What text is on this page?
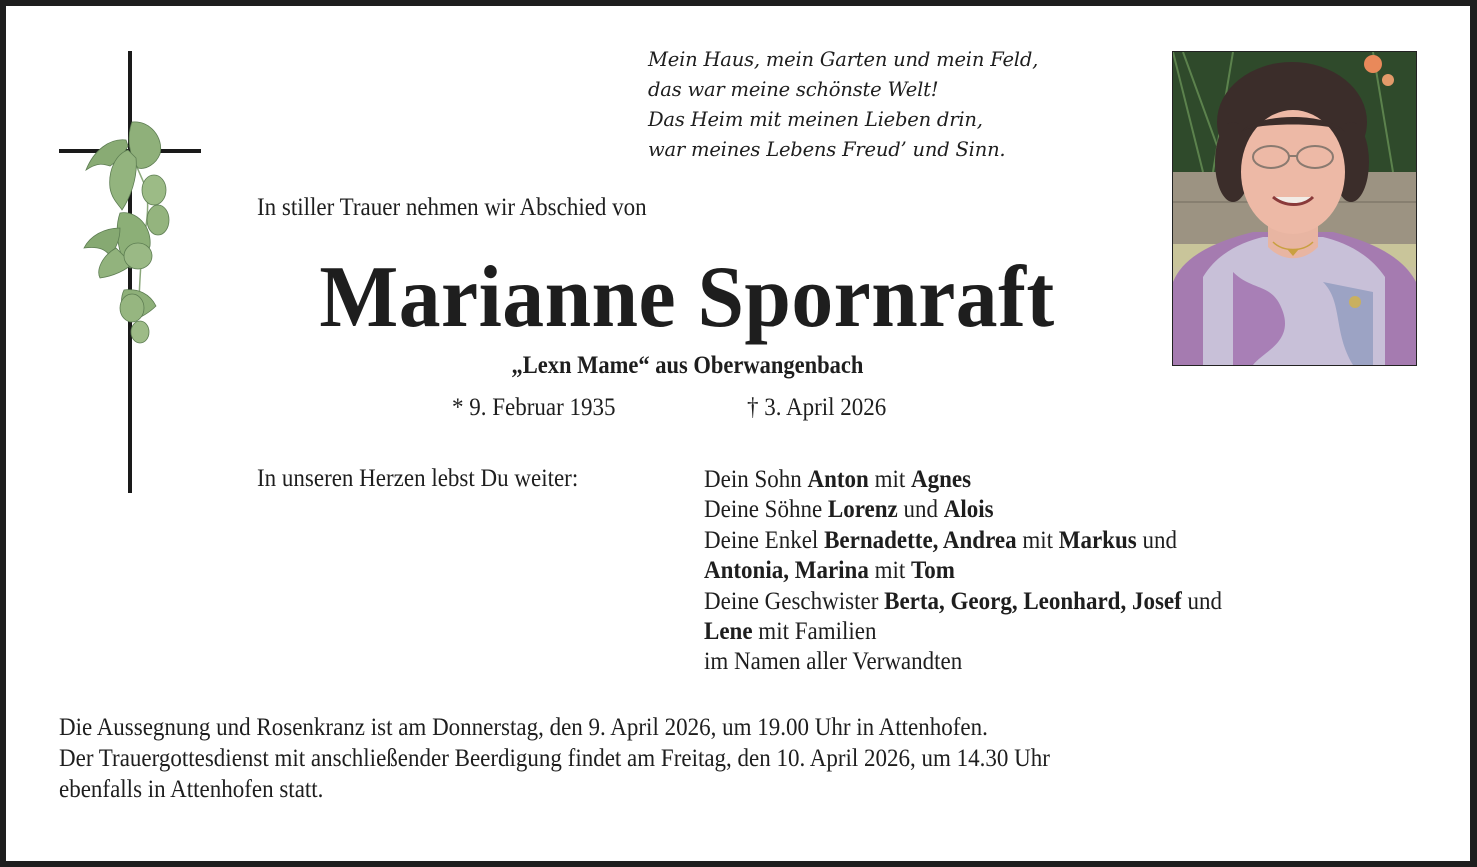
Mein Haus, mein Garten und mein Feld,
das war meine schönste Welt!
Das Heim mit meinen Lieben drin,
war meines Lebens Freud’ und Sinn.
In stiller Trauer nehmen wir Abschied von
Marianne Spornraft
„Lexn Mame“ aus Oberwangenbach
* 9. Februar 1935	† 3. April 2026
In unseren Herzen lebst Du weiter:	Dein Sohn Anton mit Agnes
Deine Söhne Lorenz und Alois
Deine Enkel Bernadette, Andrea mit Markus und
Antonia, Marina mit Tom
Deine Geschwister Berta, Georg, Leonhard, Josef und
Lene mit Familien
im Namen aller Verwandten
Die Aussegnung und Rosenkranz ist am Donnerstag, den 9. April 2026, um 19.00 Uhr in Attenhofen.
Der Trauergottesdienst mit anschließender Beerdigung findet am Freitag, den 10. April 2026, um 14.30 Uhr
ebenfalls in Attenhofen statt.
